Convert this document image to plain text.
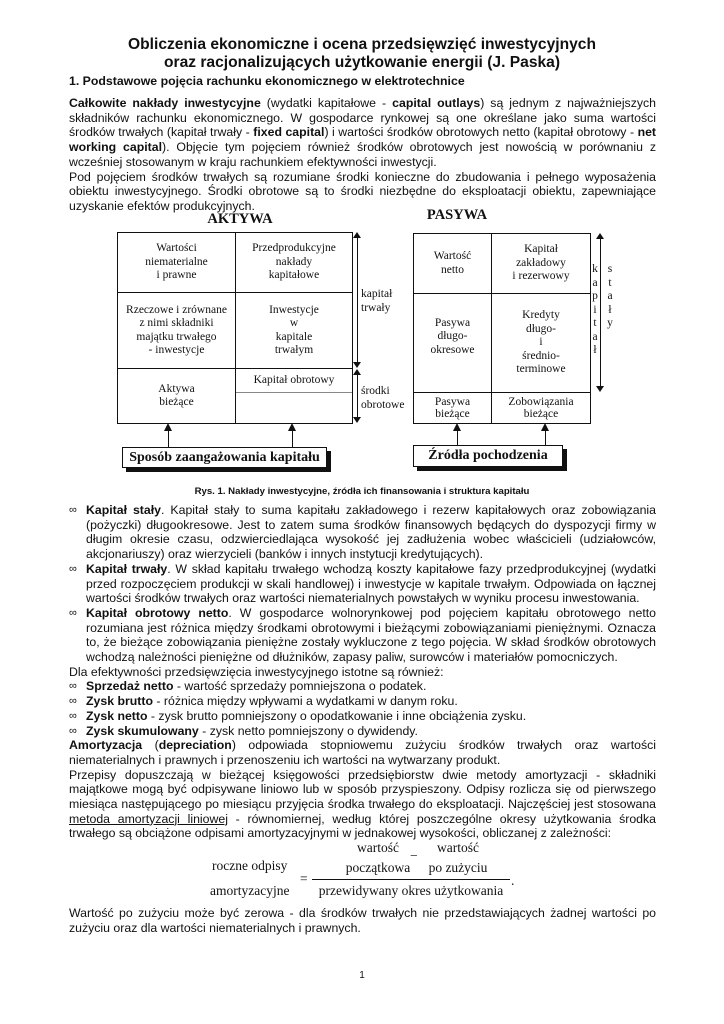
Obliczenia ekonomiczne i ocena przedsięwzięć inwestycyjnych
oraz racjonalizujących użytkowanie energii (J. Paska)
1. Podstawowe pojęcia rachunku ekonomicznego w elektrotechnice

Całkowite nakłady inwestycyjne (wydatki kapitałowe - capital outlays) są jednym z najważniejszych składników rachunku ekonomicznego. W gospodarce rynkowej są one określane jako suma wartości środków trwałych (kapitał trwały - fixed capital) i wartości środków obrotowych netto (kapitał obrotowy - net working capital). Objęcie tym pojęciem również środków obrotowych jest nowością w porównaniu z wcześniej stosowanym w kraju rachunkiem efektywności inwestycji.

Pod pojęciem środków trwałych są rozumiane środki konieczne do zbudowania i pełnego wyposażenia obiektu inwestycyjnego. Środki obrotowe są to środki niezbędne do eksploatacji obiektu, zapewniające uzyskanie efektów produkcyjnych.

AKTYWA
Wartości
niematerialne
i prawne
Przedprodukcyjne
nakłady
kapitałowe
Rzeczowe i zrównane
z nimi składniki
majątku trwałego
- inwestycje
Inwestycje
w
kapitale
trwałym
Aktywa
bieżące
Kapitał obrotowy
kapitał
trwały
środki
obrotowe
Sposób zaangażowania kapitału
PASYWA
Wartość
netto
Kapitał
zakładowy
i rezerwowy
Pasywa
długo-
okresowe
Kredyty
długo-
i
średnio-
terminowe
Pasywa
bieżące
Zobowiązania
bieżące
k
a
p
i
t
a
ł
s
t
a
ł
y
Źródła pochodzenia
Rys. 1. Nakłady inwestycyjne, źródła ich finansowania i struktura kapitału
∞ Kapitał stały. Kapitał stały to suma kapitału zakładowego i rezerw kapitałowych oraz zobowiązania (pożyczki) długookresowe. Jest to zatem suma środków finansowych będących do dyspozycji firmy w długim okresie czasu, odzwierciedlająca wysokość jej zadłużenia wobec właścicieli (udziałowców, akcjonariuszy) oraz wierzycieli (banków i innych instytucji kredytujących).
∞ Kapitał trwały. W skład kapitału trwałego wchodzą koszty kapitałowe fazy przedprodukcyjnej (wydatki przed rozpoczęciem produkcji w skali handlowej) i inwestycje w kapitale trwałym. Odpowiada on łącznej wartości środków trwałych oraz wartości niematerialnych powstałych w wyniku procesu inwestowania.
∞ Kapitał obrotowy netto. W gospodarce wolnorynkowej pod pojęciem kapitału obrotowego netto rozumiana jest różnica między środkami obrotowymi i bieżącymi zobowiązaniami pieniężnymi. Oznacza to, że bieżące zobowiązania pieniężne zostały wykluczone z tego pojęcia. W skład środków obrotowych wchodzą należności pieniężne od dłużników, zapasy paliw, surowców i materiałów pomocniczych.

Dla efektywności przedsięwzięcia inwestycyjnego istotne są również:

∞ Sprzedaż netto - wartość sprzedaży pomniejszona o podatek.
∞ Zysk brutto - różnica między wpływami a wydatkami w danym roku.
∞ Zysk netto - zysk brutto pomniejszony o opodatkowanie i inne obciążenia zysku.
∞ Zysk skumulowany - zysk netto pomniejszony o dywidendy.

Amortyzacja (depreciation) odpowiada stopniowemu zużyciu środków trwałych oraz wartości niematerialnych i prawnych i przenoszeniu ich wartości na wytwarzany produkt.

Przepisy dopuszczają w bieżącej księgowości przedsiębiorstw dwie metody amortyzacji - składniki majątkowe mogą być odpisywane liniowo lub w sposób przyspieszony. Odpisy rozlicza się od pierwszego miesiąca następującego po miesiącu przyjęcia środka trwałego do eksploatacji. Najczęściej jest stosowana metoda amortyzacji liniowej - równomiernej, według której poszczególne okresy użytkowania środka trwałego są obciążone odpisami amortyzacyjnymi w jednakowej wysokości, obliczanej z zależności:

roczne odpisy
amortyzacyjne
=
wartość
początkowa
−
wartość
po zużyciu
przewidywany okres użytkowania
.
Wartość po zużyciu może być zerowa - dla środków trwałych nie przedstawiających żadnej wartości po zużyciu oraz dla wartości niematerialnych i prawnych.
1
